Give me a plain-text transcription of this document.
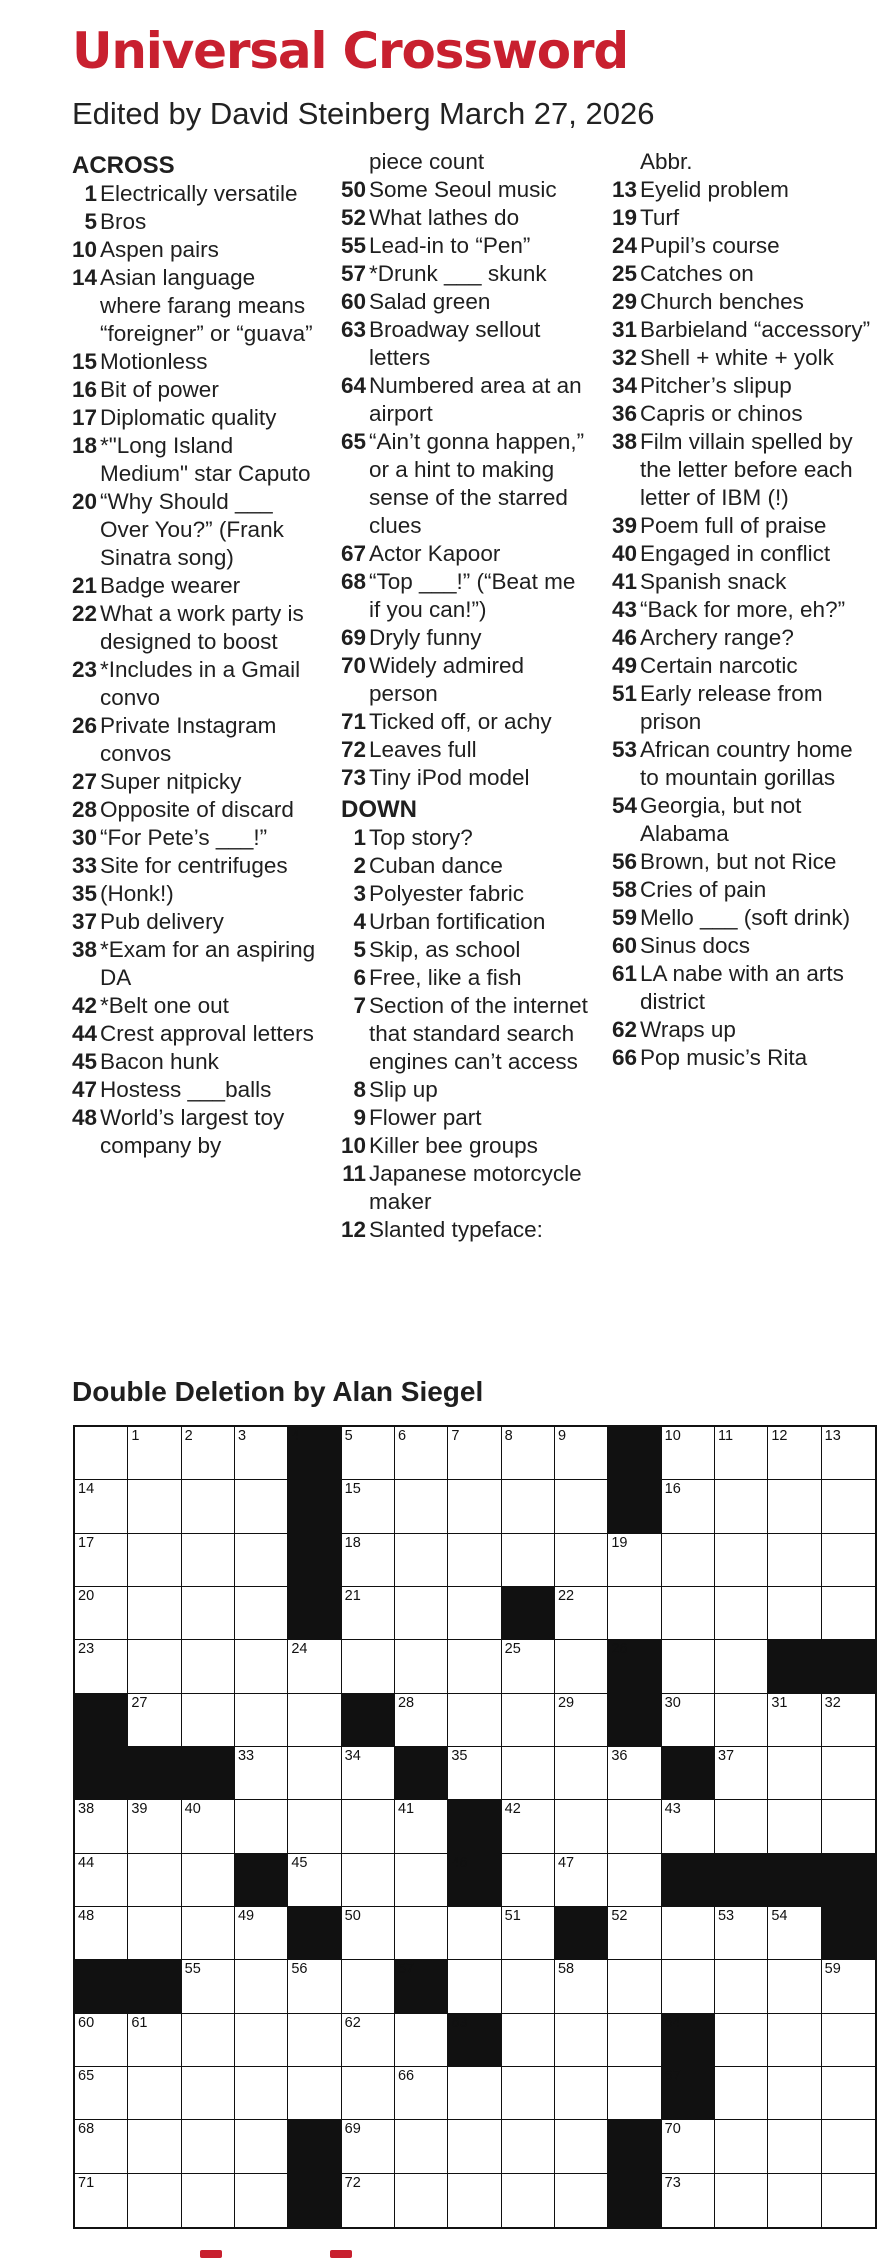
Universal Crossword

Edited by David Steinberg March 27, 2026

ACROSS
1 Electrically versatile
5 Bros
10 Aspen pairs
14 Asian language where farang means “foreigner” or “guava”
15 Motionless
16 Bit of power
17 Diplomatic quality
18 *"Long Island Medium" star Caputo
20 “Why Should ___ Over You?” (Frank Sinatra song)
21 Badge wearer
22 What a work party is designed to boost
23 *Includes in a Gmail convo
26 Private Instagram convos
27 Super nitpicky
28 Opposite of discard
30 “For Pete’s ___!”
33 Site for centrifuges
35 (Honk!)
37 Pub delivery
38 *Exam for an aspiring DA
42 *Belt one out
44 Crest approval letters
45 Bacon hunk
47 Hostess ___balls
48 World’s largest toy company by
piece count
50 Some Seoul music
52 What lathes do
55 Lead-in to “Pen”
57 *Drunk ___ skunk
60 Salad green
63 Broadway sellout letters
64 Numbered area at an airport
65 “Ain’t gonna happen,” or a hint to making sense of the starred clues
67 Actor Kapoor
68 “Top ___!” (“Beat me if you can!”)
69 Dryly funny
70 Widely admired person
71 Ticked off, or achy
72 Leaves full
73 Tiny iPod model
DOWN
1 Top story?
2 Cuban dance
3 Polyester fabric
4 Urban fortification
5 Skip, as school
6 Free, like a fish
7 Section of the internet that standard search engines can’t access
8 Slip up
9 Flower part
10 Killer bee groups
11 Japanese motorcycle maker
12 Slanted typeface:
Abbr.
13 Eyelid problem
19 Turf
24 Pupil’s course
25 Catches on
29 Church benches
31 Barbieland “accessory”
32 Shell + white + yolk
34 Pitcher’s slipup
36 Capris or chinos
38 Film villain spelled by the letter before each letter of IBM (!)
39 Poem full of praise
40 Engaged in conflict
41 Spanish snack
43 “Back for more, eh?”
46 Archery range?
49 Certain narcotic
51 Early release from prison
53 African country home to mountain gorillas
54 Georgia, but not Alabama
56 Brown, but not Rice
58 Cries of pain
59 Mello ___ (soft drink)
60 Sinus docs
61 LA nabe with an arts district
62 Wraps up
66 Pop music’s Rita
Double Deletion by Alan Siegel
1	2	3	4	5	6	7	8	9	10	11	12	13
14	15	16
17	18	19
20	21	22
23	24	25	26
27	28	29	30	31	32
33	34	35	36	37
38	39	40	41	42	43
44	45	46	47
48	49	50	51	52	53	54
55	56	57	58	59
60	61	62	63	64
65	66	67
68	69	70
71	72	73
